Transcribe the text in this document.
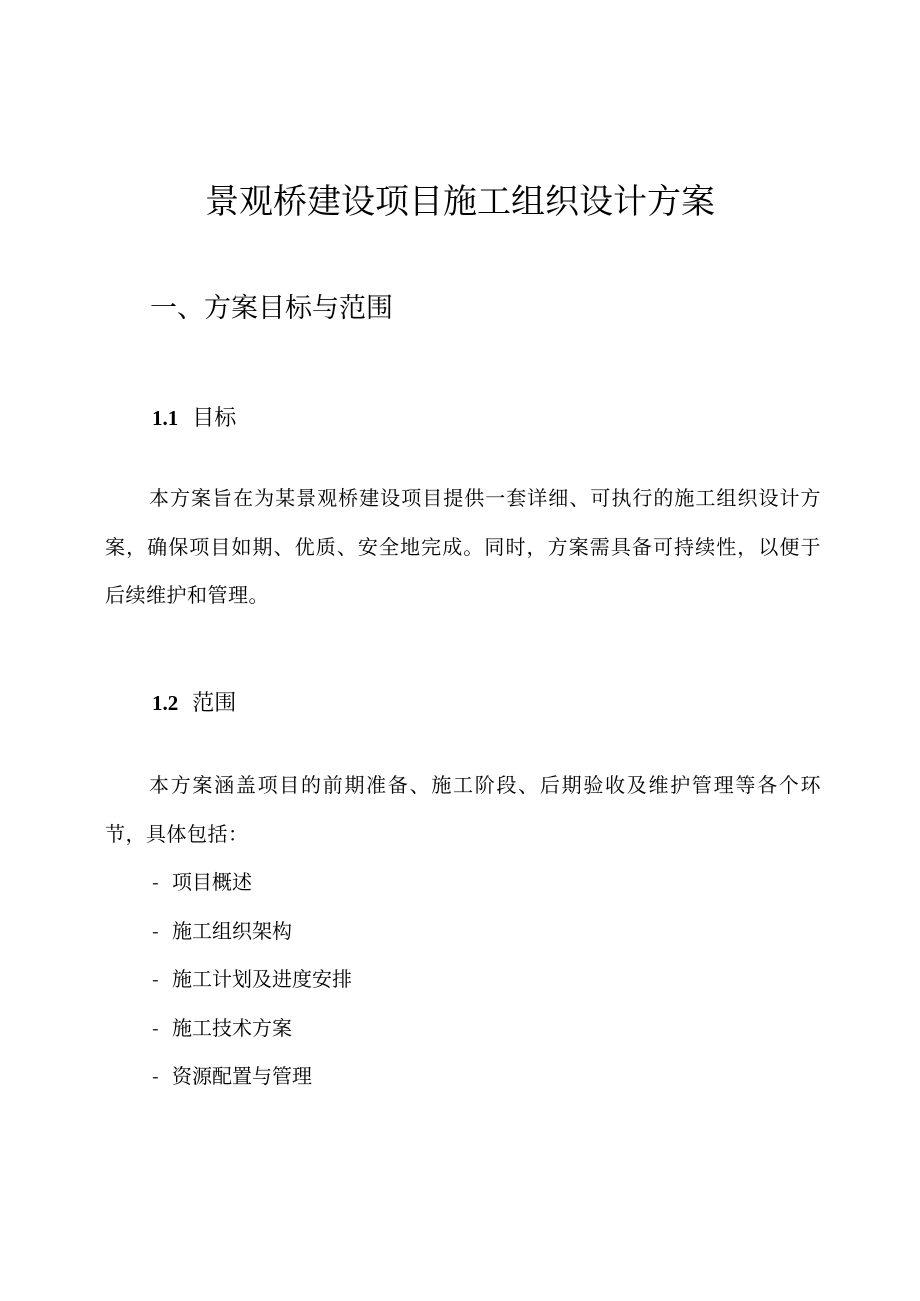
景观桥建设项目施工组织设计方案
一、方案目标与范围
1.1 目标

本方案旨在为某景观桥建设项目提供一套详细、可执行的施工组织设计方案，确保项目如期、优质、安全地完成。同时，方案需具备可持续性，以便于后续维护和管理。

1.2 范围

本方案涵盖项目的前期准备、施工阶段、后期验收及维护管理等各个环节，具体包括：

- 项目概述
- 施工组织架构
- 施工计划及进度安排
- 施工技术方案
- 资源配置与管理
